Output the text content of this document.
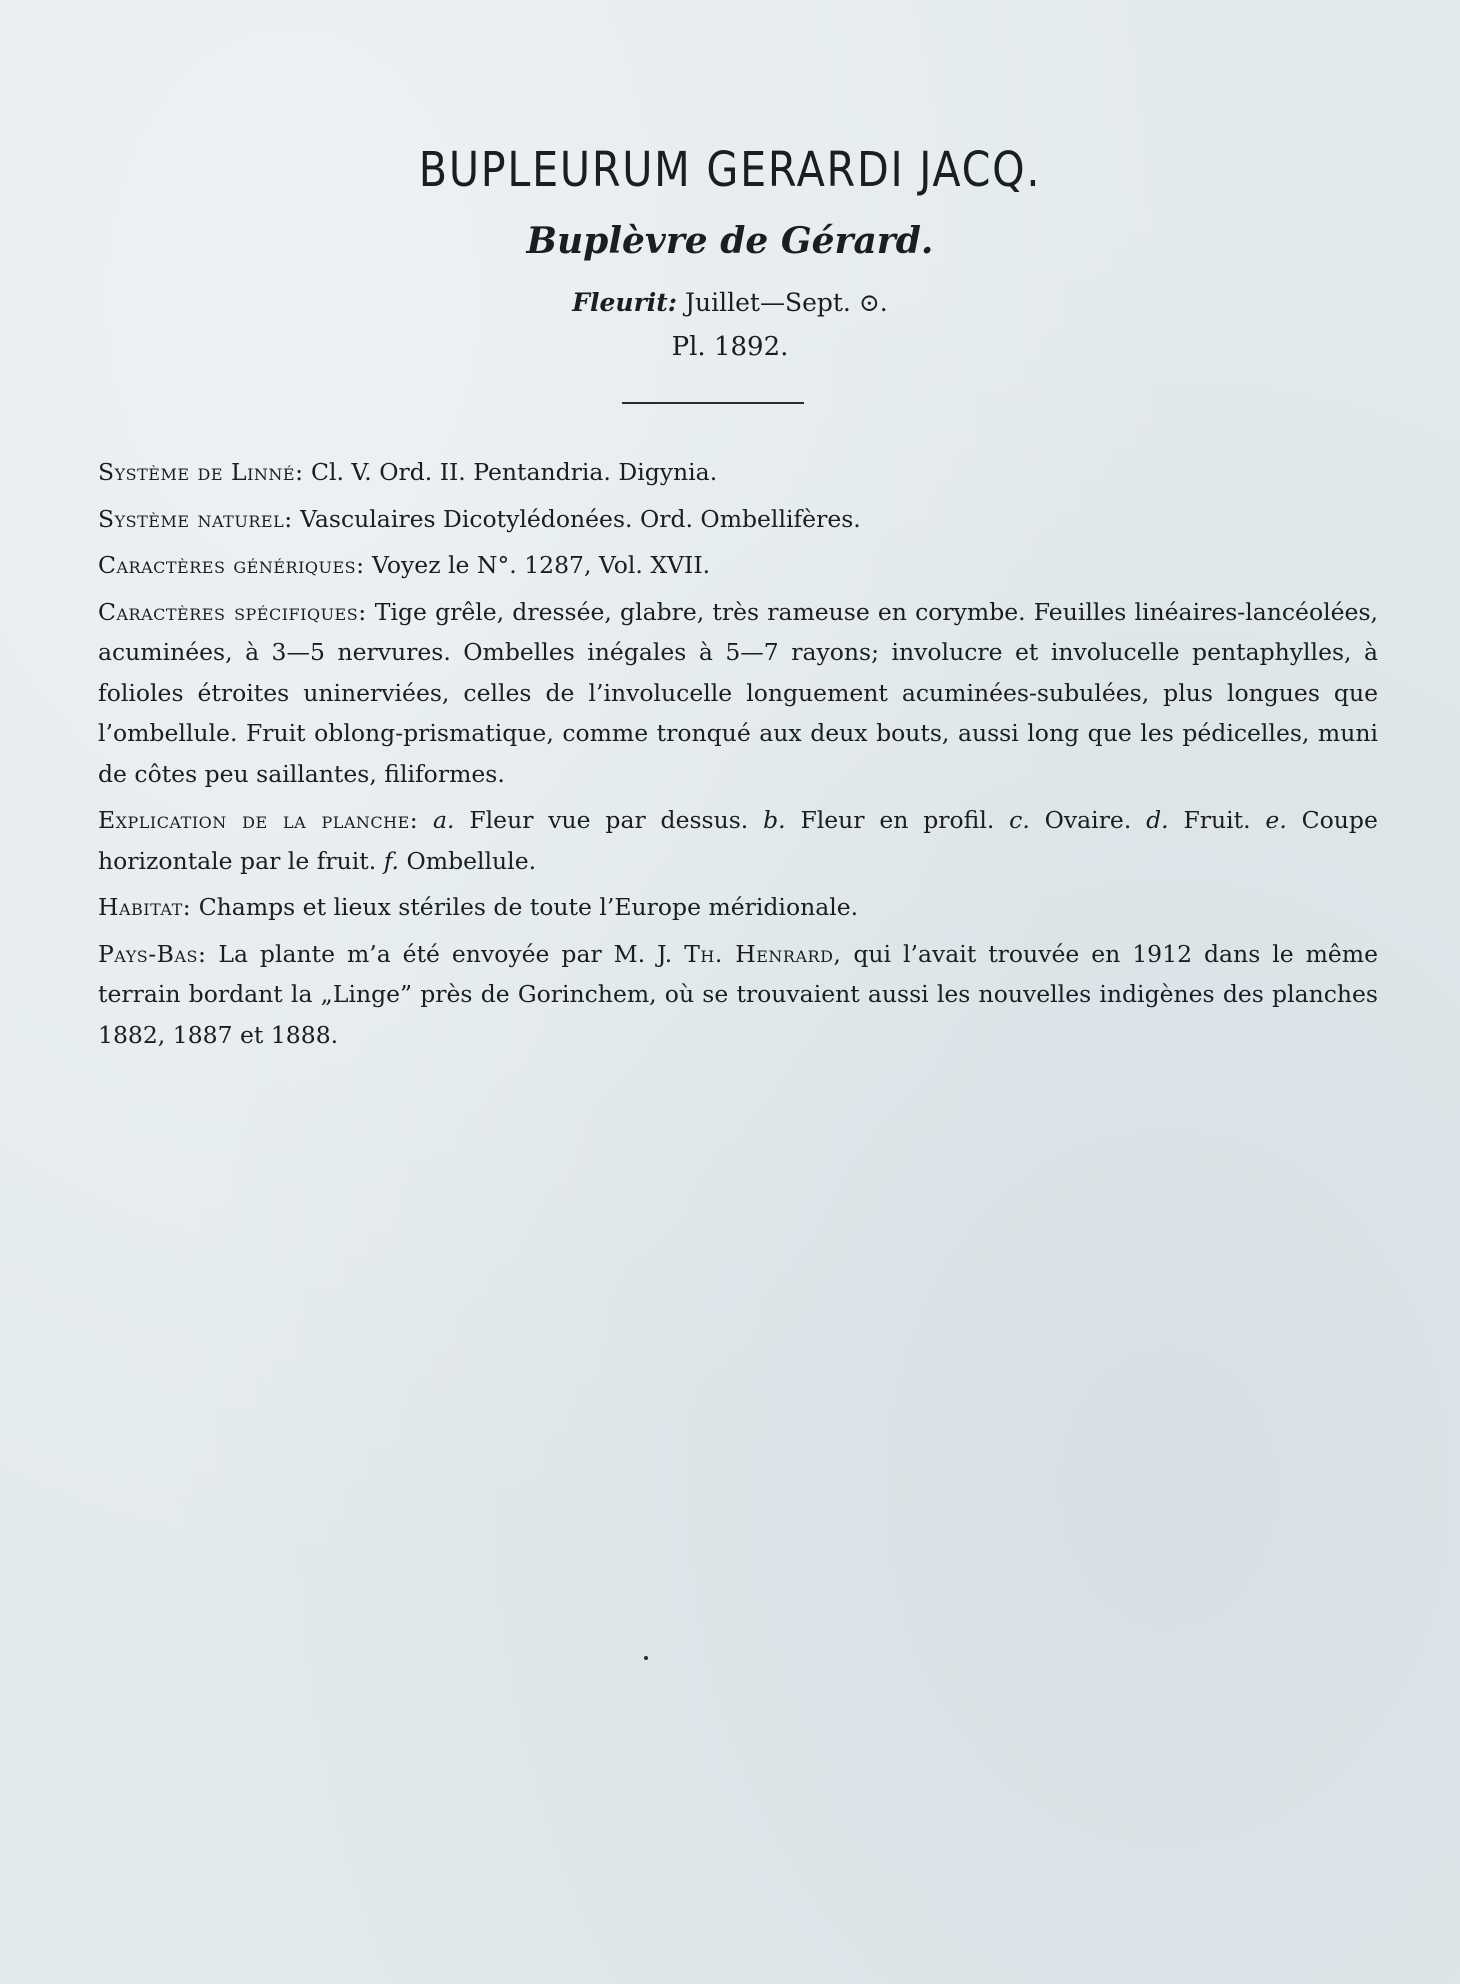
BUPLEURUM GERARDI JACQ.
Buplèvre de Gérard.
Fleurit: Juillet—Sept. ⊙.
Pl. 1892.

Système de Linné: Cl. V. Ord. II. Pentandria. Digynia.

Système naturel: Vasculaires Dicotylédonées. Ord. Ombellifères.

Caractères génériques: Voyez le N°. 1287, Vol. XVII.

Caractères spécifiques: Tige grêle, dressée, glabre, très rameuse en corymbe. Feuilles linéaires-lancéolées, acuminées, à 3—5 nervures. Ombelles inégales à 5—7 rayons; involucre et involucelle pentaphylles, à folioles étroites uninerviées, celles de l’involucelle longuement acuminées-subulées, plus longues que l’ombellule. Fruit oblong-prismatique, comme tronqué aux deux bouts, aussi long que les pédicelles, muni de côtes peu saillantes, filiformes.

Explication de la planche: a. Fleur vue par dessus. b. Fleur en profil. c. Ovaire. d. Fruit. e. Coupe horizontale par le fruit. f. Ombellule.

Habitat: Champs et lieux stériles de toute l’Europe méridionale.

Pays-Bas: La plante m’a été envoyée par M. J. Th. Henrard, qui l’avait trouvée en 1912 dans le même terrain bordant la „Linge” près de Gorinchem, où se trouvaient aussi les nouvelles indigènes des planches 1882, 1887 et 1888.
